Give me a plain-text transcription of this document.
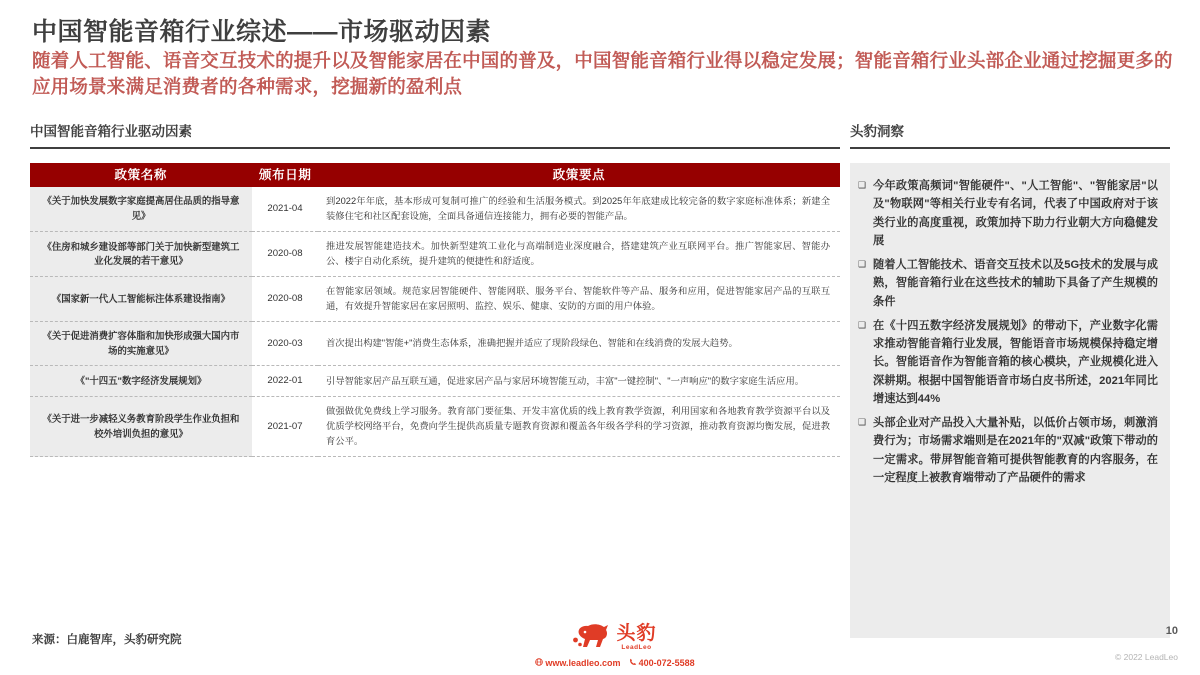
中国智能音箱行业综述——市场驱动因素
随着人工智能、语音交互技术的提升以及智能家居在中国的普及，中国智能音箱行业得以稳定发展；智能音箱行业头部企业通过挖掘更多的应用场景来满足消费者的各种需求，挖掘新的盈利点
中国智能音箱行业驱动因素
政策名称	颁布日期	政策要点
《关于加快发展数字家庭提高居住品质的指导意见》	2021-04	到2022年年底，基本形成可复制可推广的经验和生活服务模式。到2025年年底建成比较完备的数字家庭标准体系；新建全装修住宅和社区配套设施，全面具备通信连接能力，拥有必要的智能产品。
《住房和城乡建设部等部门关于加快新型建筑工业化发展的若干意见》	2020-08	推进发展智能建造技术。加快新型建筑工业化与高端制造业深度融合，搭建建筑产业互联网平台。推广智能家居、智能办公、楼宇自动化系统，提升建筑的便捷性和舒适度。
《国家新一代人工智能标注体系建设指南》	2020-08	在智能家居领域。规范家居智能硬件、智能网联、服务平台、智能软件等产品、服务和应用，促进智能家居产品的互联互通，有效提升智能家居在家居照明、监控、娱乐、健康、安防的方面的用户体验。
《关于促进消费扩容体脂和加快形成强大国内市场的实施意见》	2020-03	首次提出构建"智能+"消费生态体系，准确把握并适应了现阶段绿色、智能和在线消费的发展大趋势。
《"十四五"数字经济发展规划》	2022-01	引导智能家居产品互联互通，促进家居产品与家居环境智能互动，丰富"一键控制"、"一声响应"的数字家庭生活应用。
《关于进一步减轻义务教育阶段学生作业负担和校外培训负担的意见》	2021-07	做强做优免费线上学习服务。教育部门要征集、开发丰富优质的线上教育教学资源，利用国家和各地教育教学资源平台以及优质学校网络平台，免费向学生提供高质量专题教育资源和覆盖各年级各学科的学习资源，推动教育资源均衡发展，促进教育公平。
头豹洞察
❑ 今年政策高频词"智能硬件"、"人工智能"、"智能家居"以及"物联网"等相关行业专有名词，代表了中国政府对于该类行业的高度重视，政策加持下助力行业朝大方向稳健发展
❑ 随着人工智能技术、语音交互技术以及5G技术的发展与成熟，智能音箱行业在这些技术的辅助下具备了产生规模的条件
❑ 在《十四五数字经济发展规划》的带动下，产业数字化需求推动智能音箱行业发展，智能语音市场规模保持稳定增长。智能语音作为智能音箱的核心模块，产业规模化进入深耕期。根据中国智能语音市场白皮书所述，2021年同比增速达到44%
❑ 头部企业对产品投入大量补贴，以低价占领市场，刺激消费行为；市场需求端则是在2021年的"双减"政策下带动的一定需求。带屏智能音箱可提供智能教育的内容服务，在一定程度上被教育端带动了产品硬件的需求
来源：白鹿智库，头豹研究院	头豹
LeadLeo
www.leadleo.com 400-072-5588
10
© 2022 LeadLeo
